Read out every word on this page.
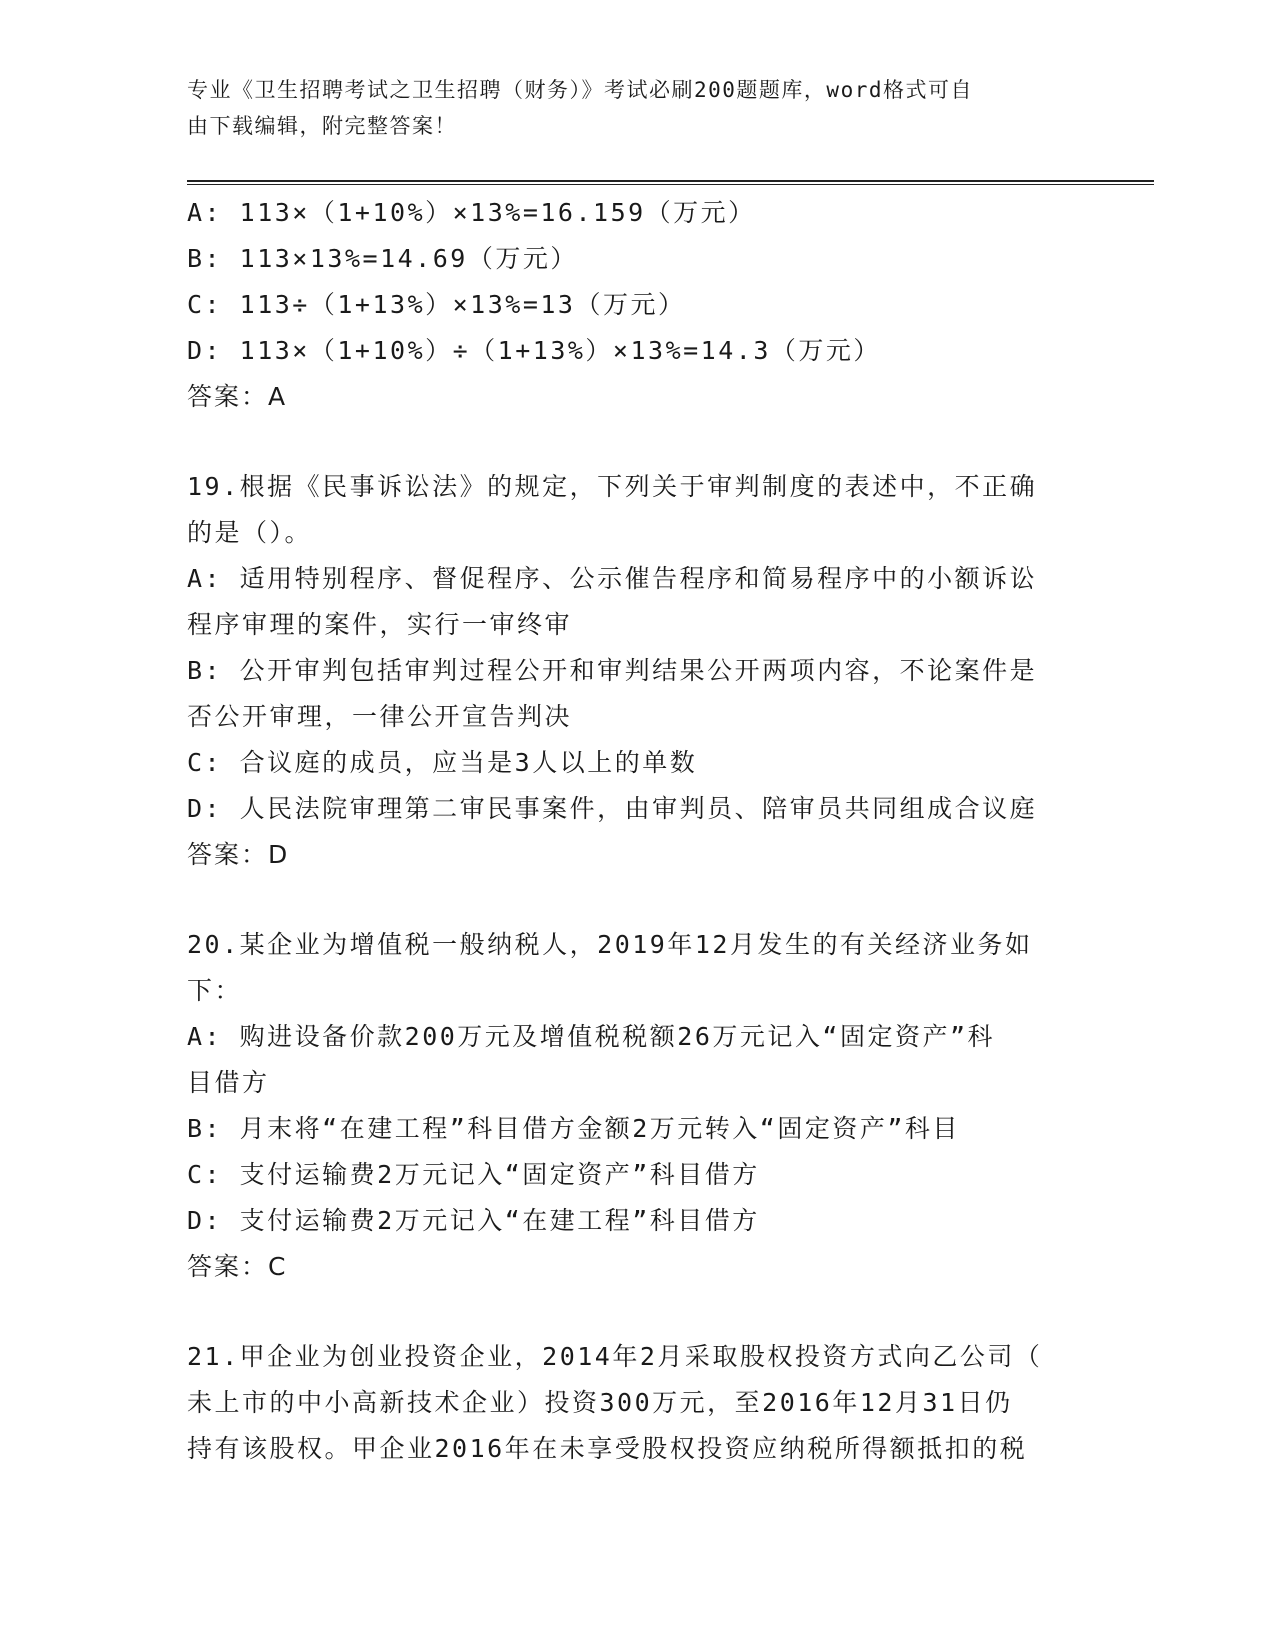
专业《卫生招聘考试之卫生招聘（财务）》考试必刷200题题库，word格式可自
由下载编辑，附完整答案！

A: 113×（1+10%）×13%=16.159（万元）

B: 113×13%=14.69（万元）

C: 113÷（1+13%）×13%=13（万元）

D: 113×（1+10%）÷（1+13%）×13%=14.3（万元）

答案：A

19.根据《民事诉讼法》的规定，下列关于审判制度的表述中，不正确

的是（）。

A: 适用特别程序、督促程序、公示催告程序和简易程序中的小额诉讼

程序审理的案件，实行一审终审

B: 公开审判包括审判过程公开和审判结果公开两项内容，不论案件是

否公开审理，一律公开宣告判决

C: 合议庭的成员，应当是3人以上的单数

D: 人民法院审理第二审民事案件，由审判员、陪审员共同组成合议庭

答案：D

20.某企业为增值税一般纳税人，2019年12月发生的有关经济业务如

下：

A: 购进设备价款200万元及增值税税额26万元记入“固定资产”科

目借方

B: 月末将“在建工程”科目借方金额2万元转入“固定资产”科目

C: 支付运输费2万元记入“固定资产”科目借方

D: 支付运输费2万元记入“在建工程”科目借方

答案：C

21.甲企业为创业投资企业，2014年2月采取股权投资方式向乙公司（

未上市的中小高新技术企业）投资300万元，至2016年12月31日仍

持有该股权。甲企业2016年在未享受股权投资应纳税所得额抵扣的税
